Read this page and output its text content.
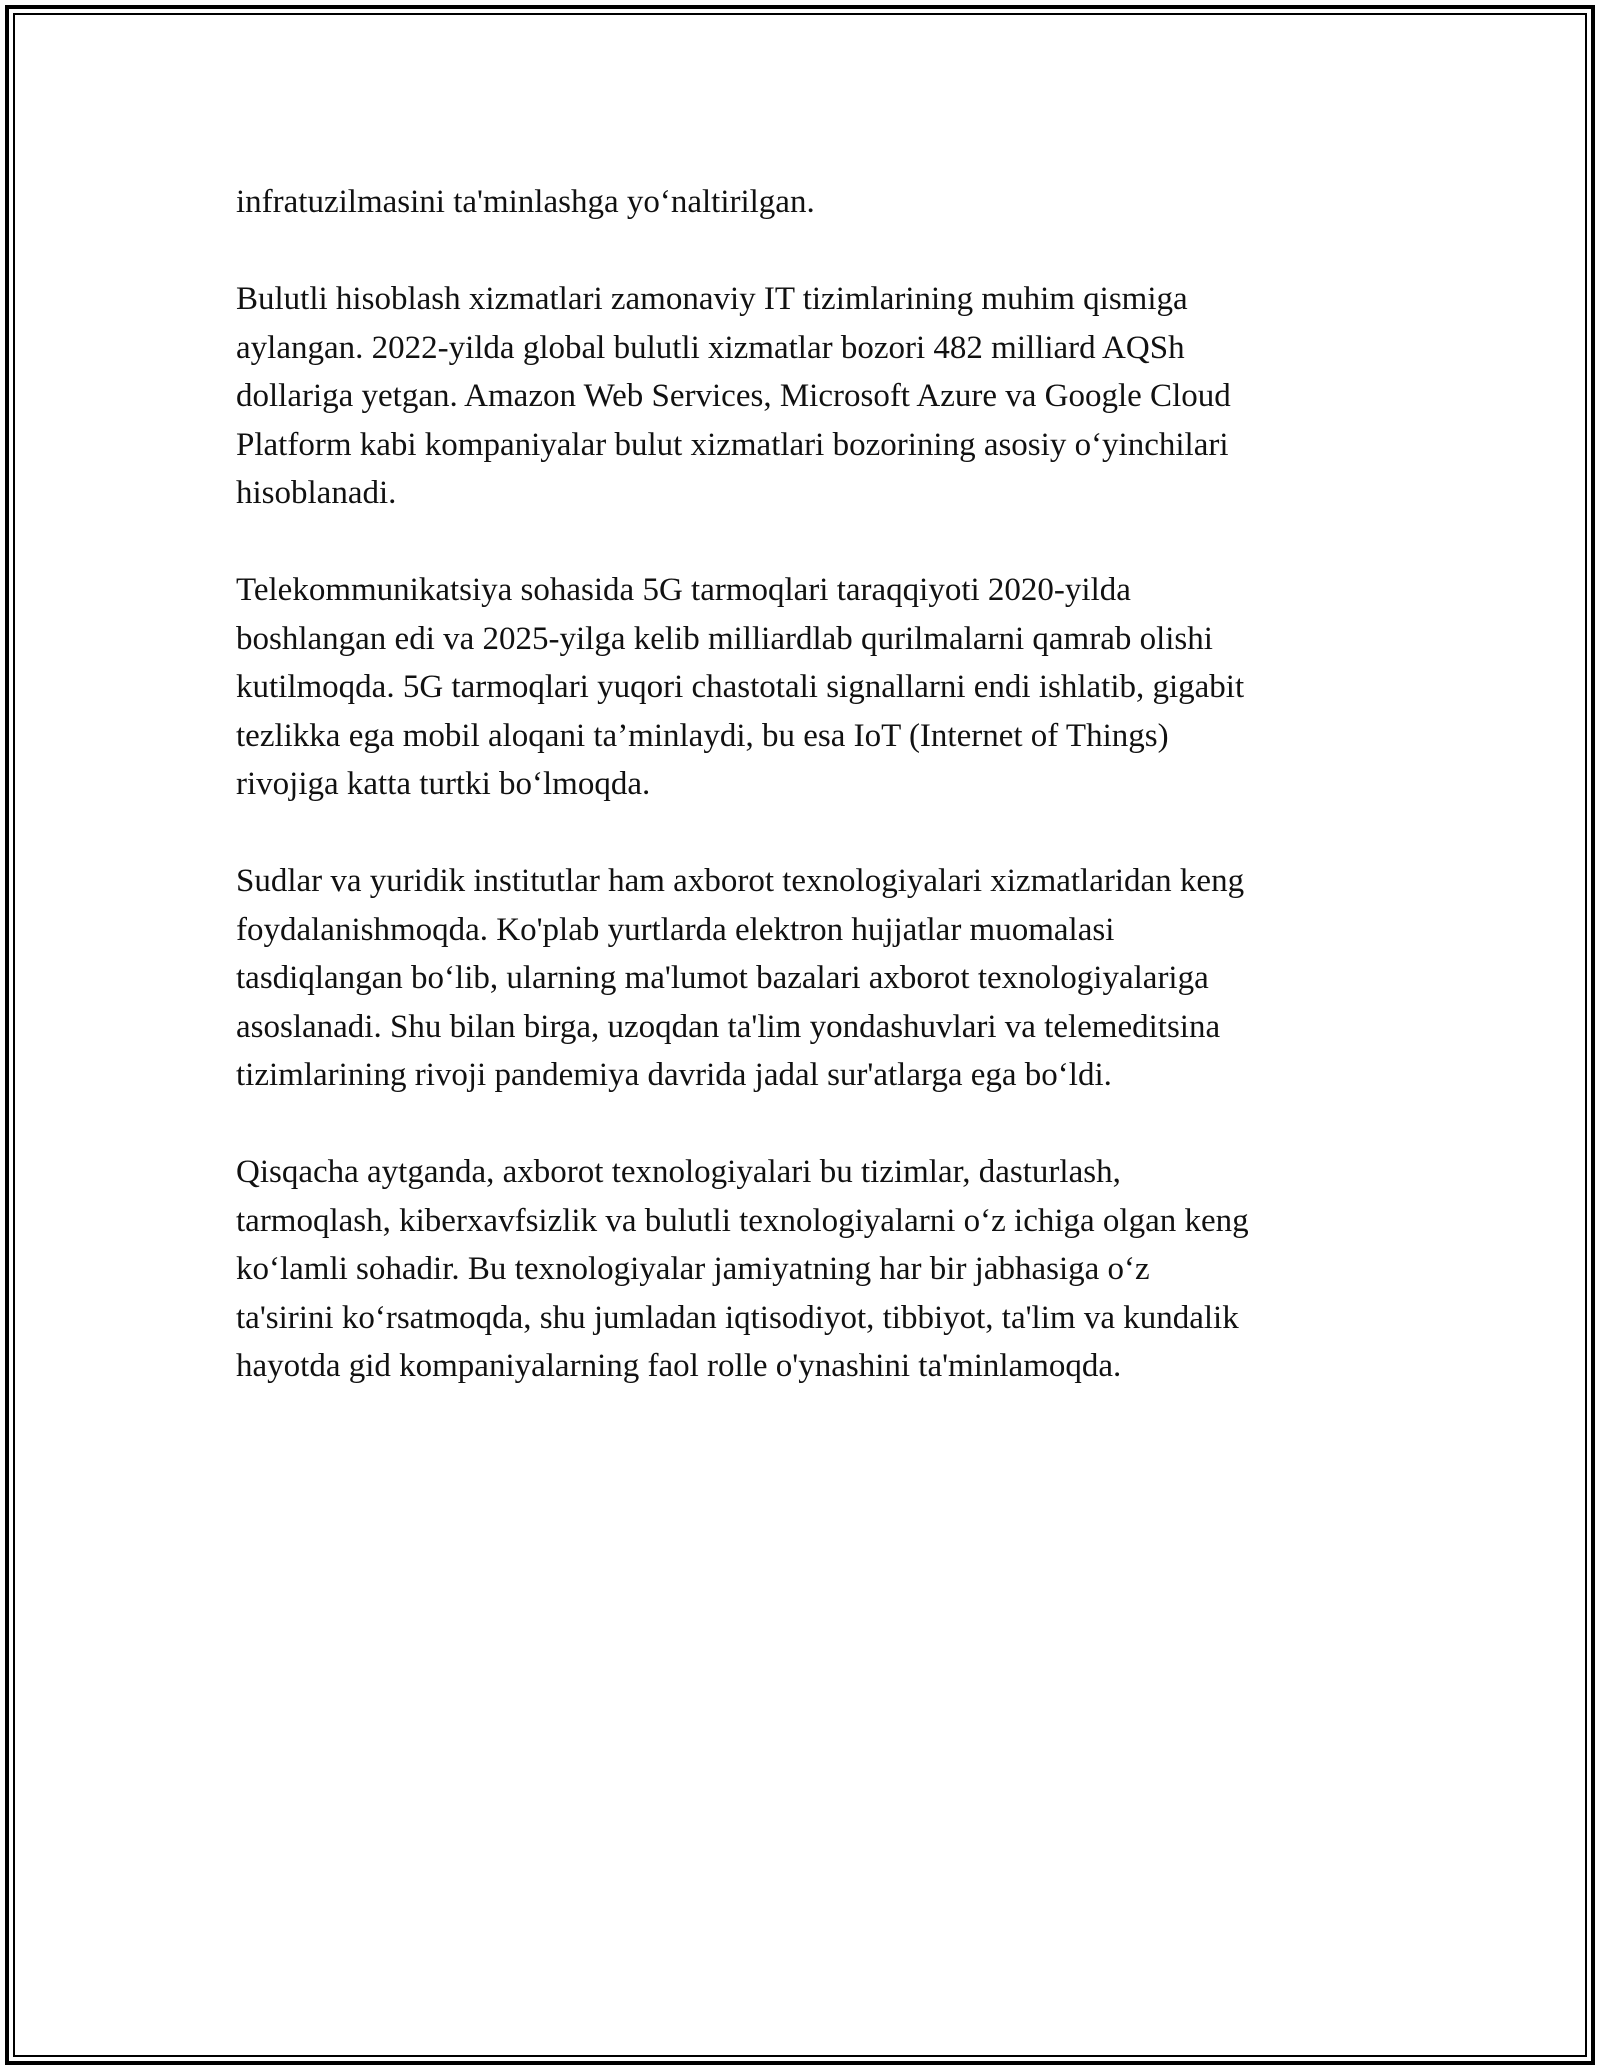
infratuzilmasini ta'minlashga yo‘naltirilgan.

Bulutli hisoblash xizmatlari zamonaviy IT tizimlarining muhim qismiga
aylangan. 2022-yilda global bulutli xizmatlar bozori 482 milliard AQSh
dollariga yetgan. Amazon Web Services, Microsoft Azure va Google Cloud
Platform kabi kompaniyalar bulut xizmatlari bozorining asosiy o‘yinchilari
hisoblanadi.

Telekommunikatsiya sohasida 5G tarmoqlari taraqqiyoti 2020-yilda
boshlangan edi va 2025-yilga kelib milliardlab qurilmalarni qamrab olishi
kutilmoqda. 5G tarmoqlari yuqori chastotali signallarni endi ishlatib, gigabit
tezlikka ega mobil aloqani ta’minlaydi, bu esa IoT (Internet of Things)
rivojiga katta turtki bo‘lmoqda.

Sudlar va yuridik institutlar ham axborot texnologiyalari xizmatlaridan keng
foydalanishmoqda. Ko'plab yurtlarda elektron hujjatlar muomalasi
tasdiqlangan bo‘lib, ularning ma'lumot bazalari axborot texnologiyalariga
asoslanadi. Shu bilan birga, uzoqdan ta'lim yondashuvlari va telemeditsina
tizimlarining rivoji pandemiya davrida jadal sur'atlarga ega bo‘ldi.

Qisqacha aytganda, axborot texnologiyalari bu tizimlar, dasturlash,
tarmoqlash, kiberxavfsizlik va bulutli texnologiyalarni o‘z ichiga olgan keng
ko‘lamli sohadir. Bu texnologiyalar jamiyatning har bir jabhasiga o‘z
ta'sirini ko‘rsatmoqda, shu jumladan iqtisodiyot, tibbiyot, ta'lim va kundalik
hayotda gid kompaniyalarning faol rolle o'ynashini ta'minlamoqda.
